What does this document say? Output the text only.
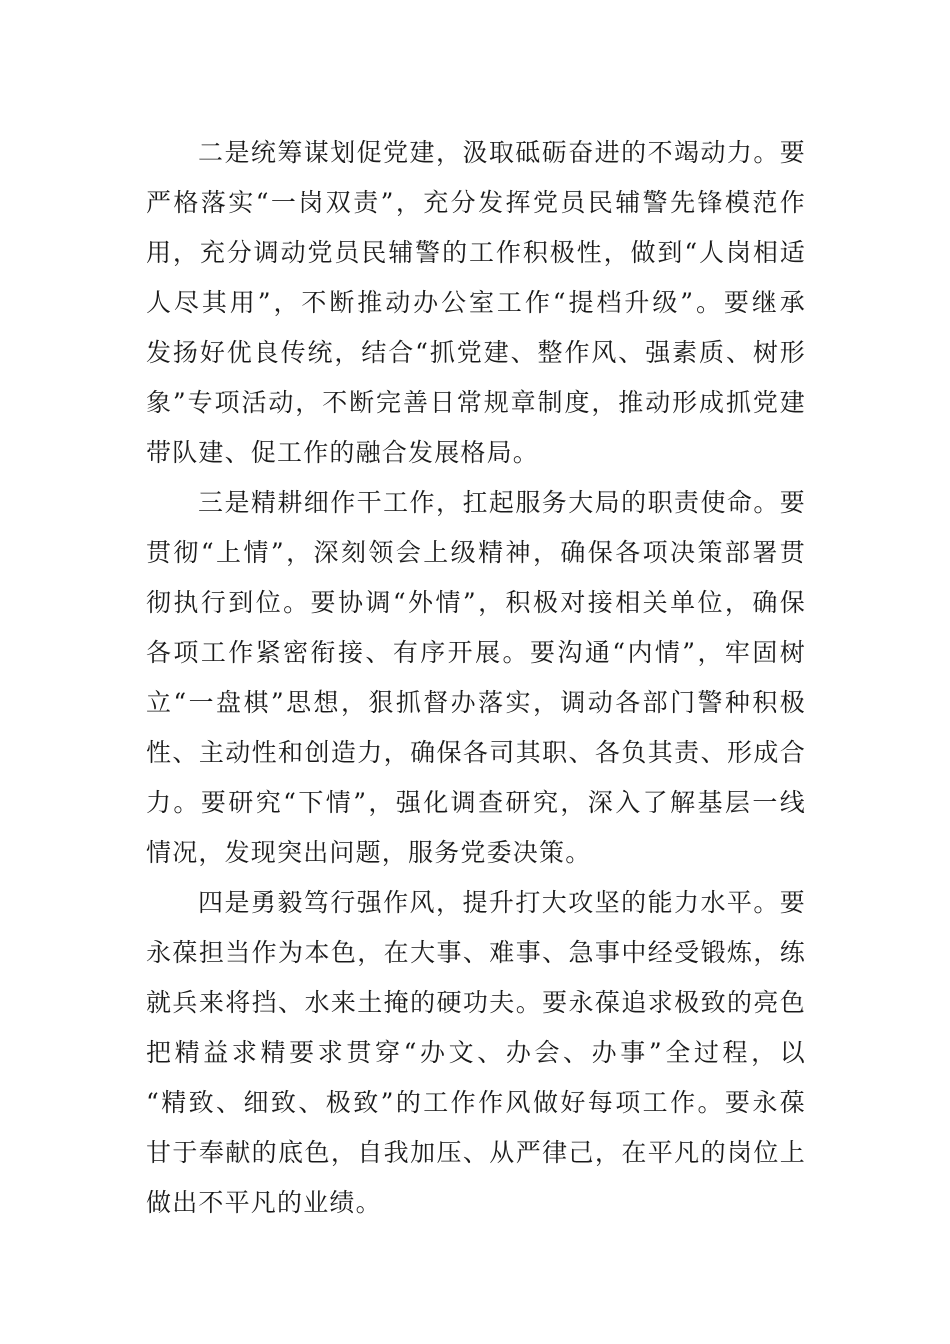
二是统筹谋划促党建，汲取砥砺奋进的不竭动力。要
严格落实“一岗双责”，充分发挥党员民辅警先锋模范作
用，充分调动党员民辅警的工作积极性，做到“人岗相适
人尽其用”，不断推动办公室工作“提档升级”。要继承
发扬好优良传统，结合“抓党建、整作风、强素质、树形
象”专项活动，不断完善日常规章制度，推动形成抓党建
带队建、促工作的融合发展格局。
三是精耕细作干工作，扛起服务大局的职责使命。要
贯彻“上情”，深刻领会上级精神，确保各项决策部署贯
彻执行到位。要协调“外情”，积极对接相关单位，确保
各项工作紧密衔接、有序开展。要沟通“内情”，牢固树
立“一盘棋”思想，狠抓督办落实，调动各部门警种积极
性、主动性和创造力，确保各司其职、各负其责、形成合
力。要研究“下情”，强化调查研究，深入了解基层一线
情况，发现突出问题，服务党委决策。
四是勇毅笃行强作风，提升打大攻坚的能力水平。要
永葆担当作为本色，在大事、难事、急事中经受锻炼，练
就兵来将挡、水来土掩的硬功夫。要永葆追求极致的亮色
把精益求精要求贯穿“办文、办会、办事”全过程，以
“精致、细致、极致”的工作作风做好每项工作。要永葆
甘于奉献的底色，自我加压、从严律己，在平凡的岗位上
做出不平凡的业绩。
